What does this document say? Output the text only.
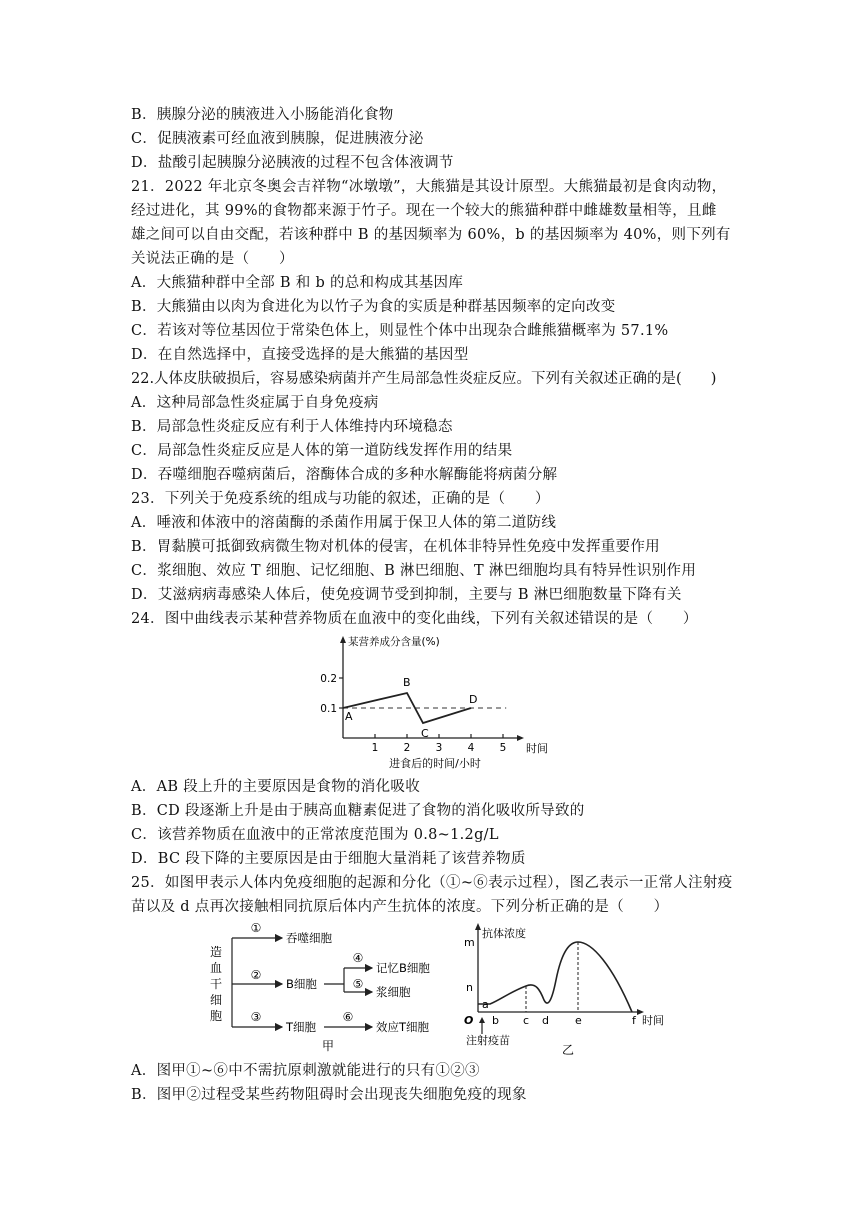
B．胰腺分泌的胰液进入小肠能消化食物
C．促胰液素可经血液到胰腺，促进胰液分泌
D．盐酸引起胰腺分泌胰液的过程不包含体液调节
21．2022 年北京冬奥会吉祥物“冰墩墩”，大熊猫是其设计原型。大熊猫最初是食肉动物，
经过进化，其 99%的食物都来源于竹子。现在一个较大的熊猫种群中雌雄数量相等，且雌
雄之间可以自由交配，若该种群中 B 的基因频率为 60%，b 的基因频率为 40%，则下列有
关说法正确的是（　　）
A．大熊猫种群中全部 B 和 b 的总和构成其基因库
B．大熊猫由以肉为食进化为以竹子为食的实质是种群基因频率的定向改变
C．若该对等位基因位于常染色体上，则显性个体中出现杂合雌熊猫概率为 57.1%
D．在自然选择中，直接受选择的是大熊猫的基因型
22.人体皮肤破损后，容易感染病菌并产生局部急性炎症反应。下列有关叙述正确的是(　　)
A．这种局部急性炎症属于自身免疫病
B．局部急性炎症反应有利于人体维持内环境稳态
C．局部急性炎症反应是人体的第一道防线发挥作用的结果
D．吞噬细胞吞噬病菌后，溶酶体合成的多种水解酶能将病菌分解
23．下列关于免疫系统的组成与功能的叙述，正确的是（　　）
A．唾液和体液中的溶菌酶的杀菌作用属于保卫人体的第二道防线
B．胃黏膜可抵御致病微生物对机体的侵害，在机体非特异性免疫中发挥重要作用
C．浆细胞、效应 T 细胞、记忆细胞、B 淋巴细胞、T 淋巴细胞均具有特异性识别作用
D．艾滋病病毒感染人体后，使免疫调节受到抑制，主要与 B 淋巴细胞数量下降有关
24．图中曲线表示某种营养物质在血液中的变化曲线，下列有关叙述错误的是（　　）
某营养成分含量(%)
时间
进食后的时间/小时
0.1
0.2
1 2 3 4 5
A
B
C
D
A．AB 段上升的主要原因是食物的消化吸收
B．CD 段逐渐上升是由于胰高血糖素促进了食物的消化吸收所导致的
C．该营养物质在血液中的正常浓度范围为 0.8~1.2g/L
D．BC 段下降的主要原因是由于细胞大量消耗了该营养物质
25．如图甲表示人体内免疫细胞的起源和分化（①~⑥表示过程），图乙表示一正常人注射疫
苗以及 d 点再次接触相同抗原后体内产生抗体的浓度。下列分析正确的是（　　）
造
血
干
细
胞
①
②
③
吞噬细胞
B细胞
T细胞
④
⑤
记忆B细胞
浆细胞
⑥
效应T细胞
甲
抗体浓度
m
n
O
a
b c d e	f 时间
注射疫苗
乙
A．图甲①~⑥中不需抗原刺激就能进行的只有①②③
B．图甲②过程受某些药物阻碍时会出现丧失细胞免疫的现象
